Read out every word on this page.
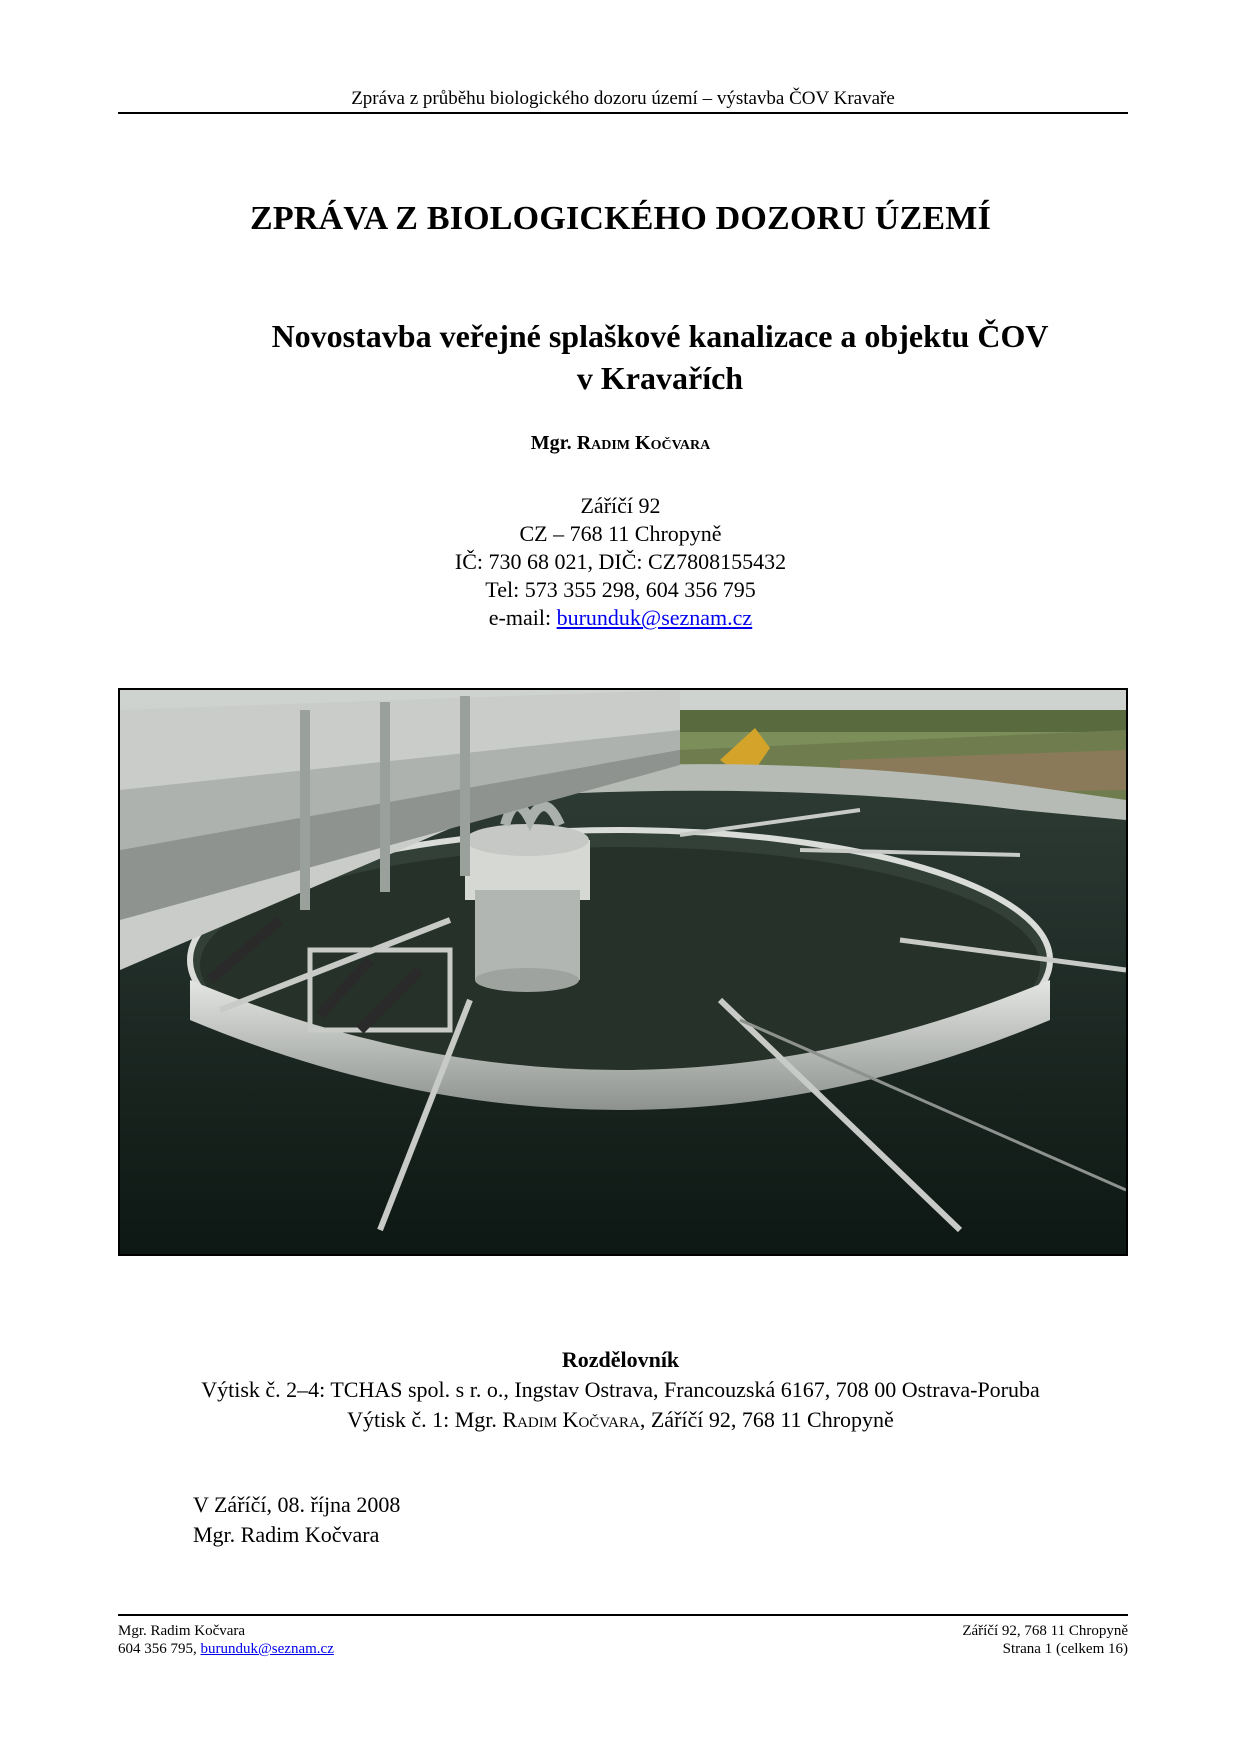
Zpráva z průběhu biologického dozoru území – výstavba ČOV Kravaře
ZPRÁVA Z BIOLOGICKÉHO DOZORU ÚZEMÍ
Novostavba veřejné splaškové kanalizace a objektu ČOV
v Kravařích
Mgr. Radim Kočvara
Záříčí 92
CZ – 768 11 Chropyně
IČ: 730 68 021, DIČ: CZ7808155432
Tel: 573 355 298, 604 356 795
e-mail: burunduk@seznam.cz
Rozdělovník
Výtisk č. 2–4: TCHAS spol. s r. o., Ingstav Ostrava, Francouzská 6167, 708 00 Ostrava-Poruba
Výtisk č. 1: Mgr. Radim Kočvara, Záříčí 92, 768 11 Chropyně
V Záříčí, 08. října 2008
Mgr. Radim Kočvara
Mgr. Radim Kočvara
604 356 795, burunduk@seznam.cz
Záříčí 92, 768 11 Chropyně
Strana 1 (celkem 16)
